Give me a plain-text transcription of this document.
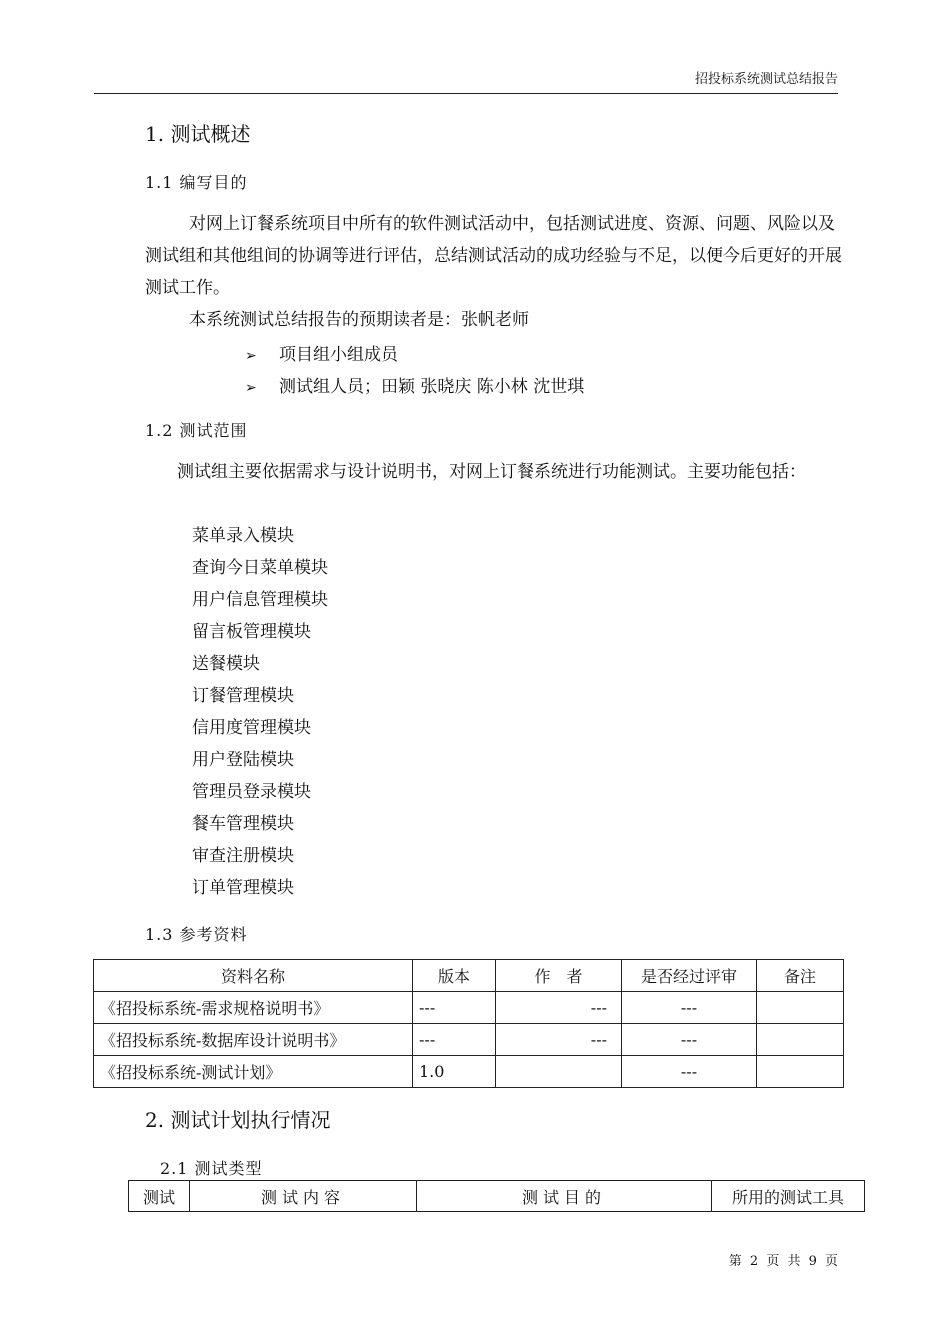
招投标系统测试总结报告
1. 测试概述
1.1 编写目的
对网上订餐系统项目中所有的软件测试活动中，包括测试进度、资源、问题、风险以及测试组和其他组间的协调等进行评估，总结测试活动的成功经验与不足，以便今后更好的开展测试工作。
本系统测试总结报告的预期读者是：张帆老师
➢ 项目组小组成员
➢ 测试组人员；田颖 张晓庆 陈小林 沈世琪
1.2 测试范围
测试组主要依据需求与设计说明书，对网上订餐系统进行功能测试。主要功能包括：
菜单录入模块
查询今日菜单模块
用户信息管理模块
留言板管理模块
送餐模块
订餐管理模块
信用度管理模块
用户登陆模块
管理员登录模块
餐车管理模块
审查注册模块
订单管理模块
1.3 参考资料
资料名称	版本	作　者	是否经过评审	备注
《招投标系统-需求规格说明书》	---	---	---	
《招投标系统-数据库设计说明书》	---	---	---	
《招投标系统-测试计划》	1.0		---	
2. 测试计划执行情况
2.1 测试类型
测试	测试内容	测试目的	所用的测试工具
第 2 页 共 9 页
